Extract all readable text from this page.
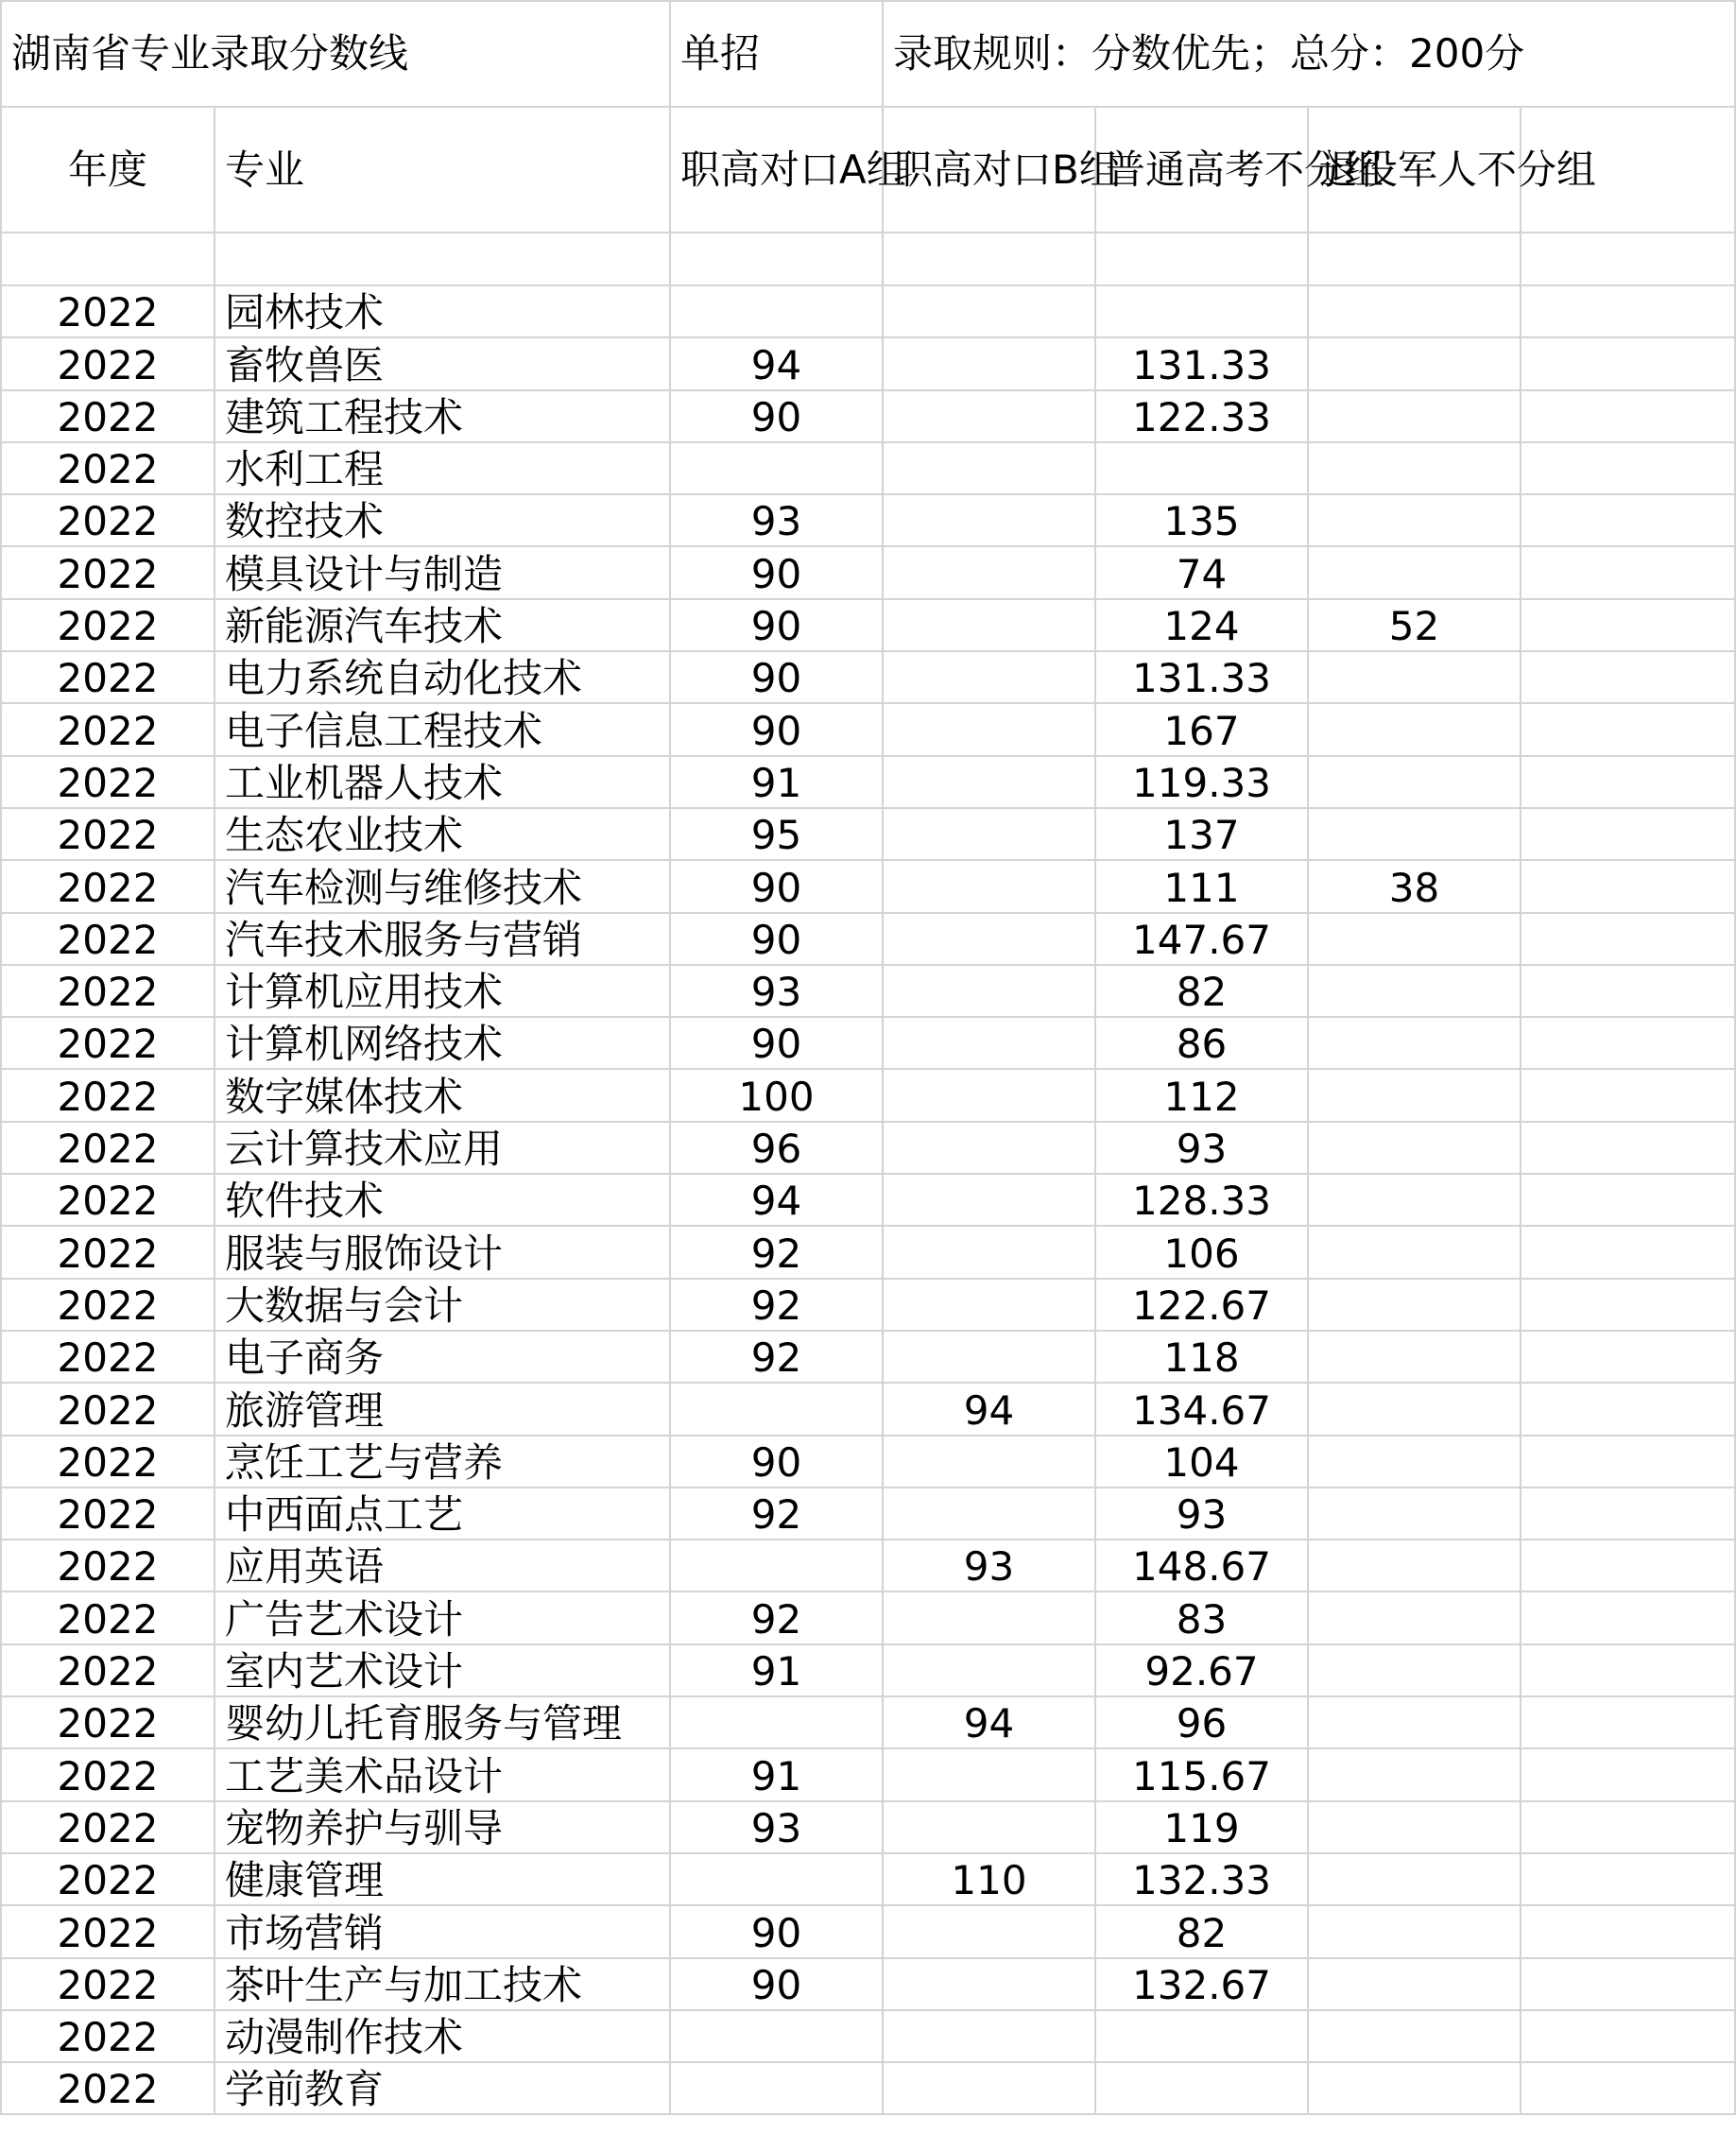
湖南省专业录取分数线		单招	录取规则：分数优先；总分：200分			
年度	专业	职高对口A组	职高对口B组	普通高考不分组	退役军人不分组	

2022	园林技术					
2022	畜牧兽医	94		131.33		
2022	建筑工程技术	90		122.33		
2022	水利工程					
2022	数控技术	93		135		
2022	模具设计与制造	90		74		
2022	新能源汽车技术	90		124	52	
2022	电力系统自动化技术	90		131.33		
2022	电子信息工程技术	90		167		
2022	工业机器人技术	91		119.33		
2022	生态农业技术	95		137		
2022	汽车检测与维修技术	90		111	38	
2022	汽车技术服务与营销	90		147.67		
2022	计算机应用技术	93		82		
2022	计算机网络技术	90		86		
2022	数字媒体技术	100		112		
2022	云计算技术应用	96		93		
2022	软件技术	94		128.33		
2022	服装与服饰设计	92		106		
2022	大数据与会计	92		122.67		
2022	电子商务	92		118		
2022	旅游管理		94	134.67		
2022	烹饪工艺与营养	90		104		
2022	中西面点工艺	92		93		
2022	应用英语		93	148.67		
2022	广告艺术设计	92		83		
2022	室内艺术设计	91		92.67		
2022	婴幼儿托育服务与管理		94	96		
2022	工艺美术品设计	91		115.67		
2022	宠物养护与驯导	93		119		
2022	健康管理		110	132.33		
2022	市场营销	90		82		
2022	茶叶生产与加工技术	90		132.67		
2022	动漫制作技术					
2022	学前教育					
